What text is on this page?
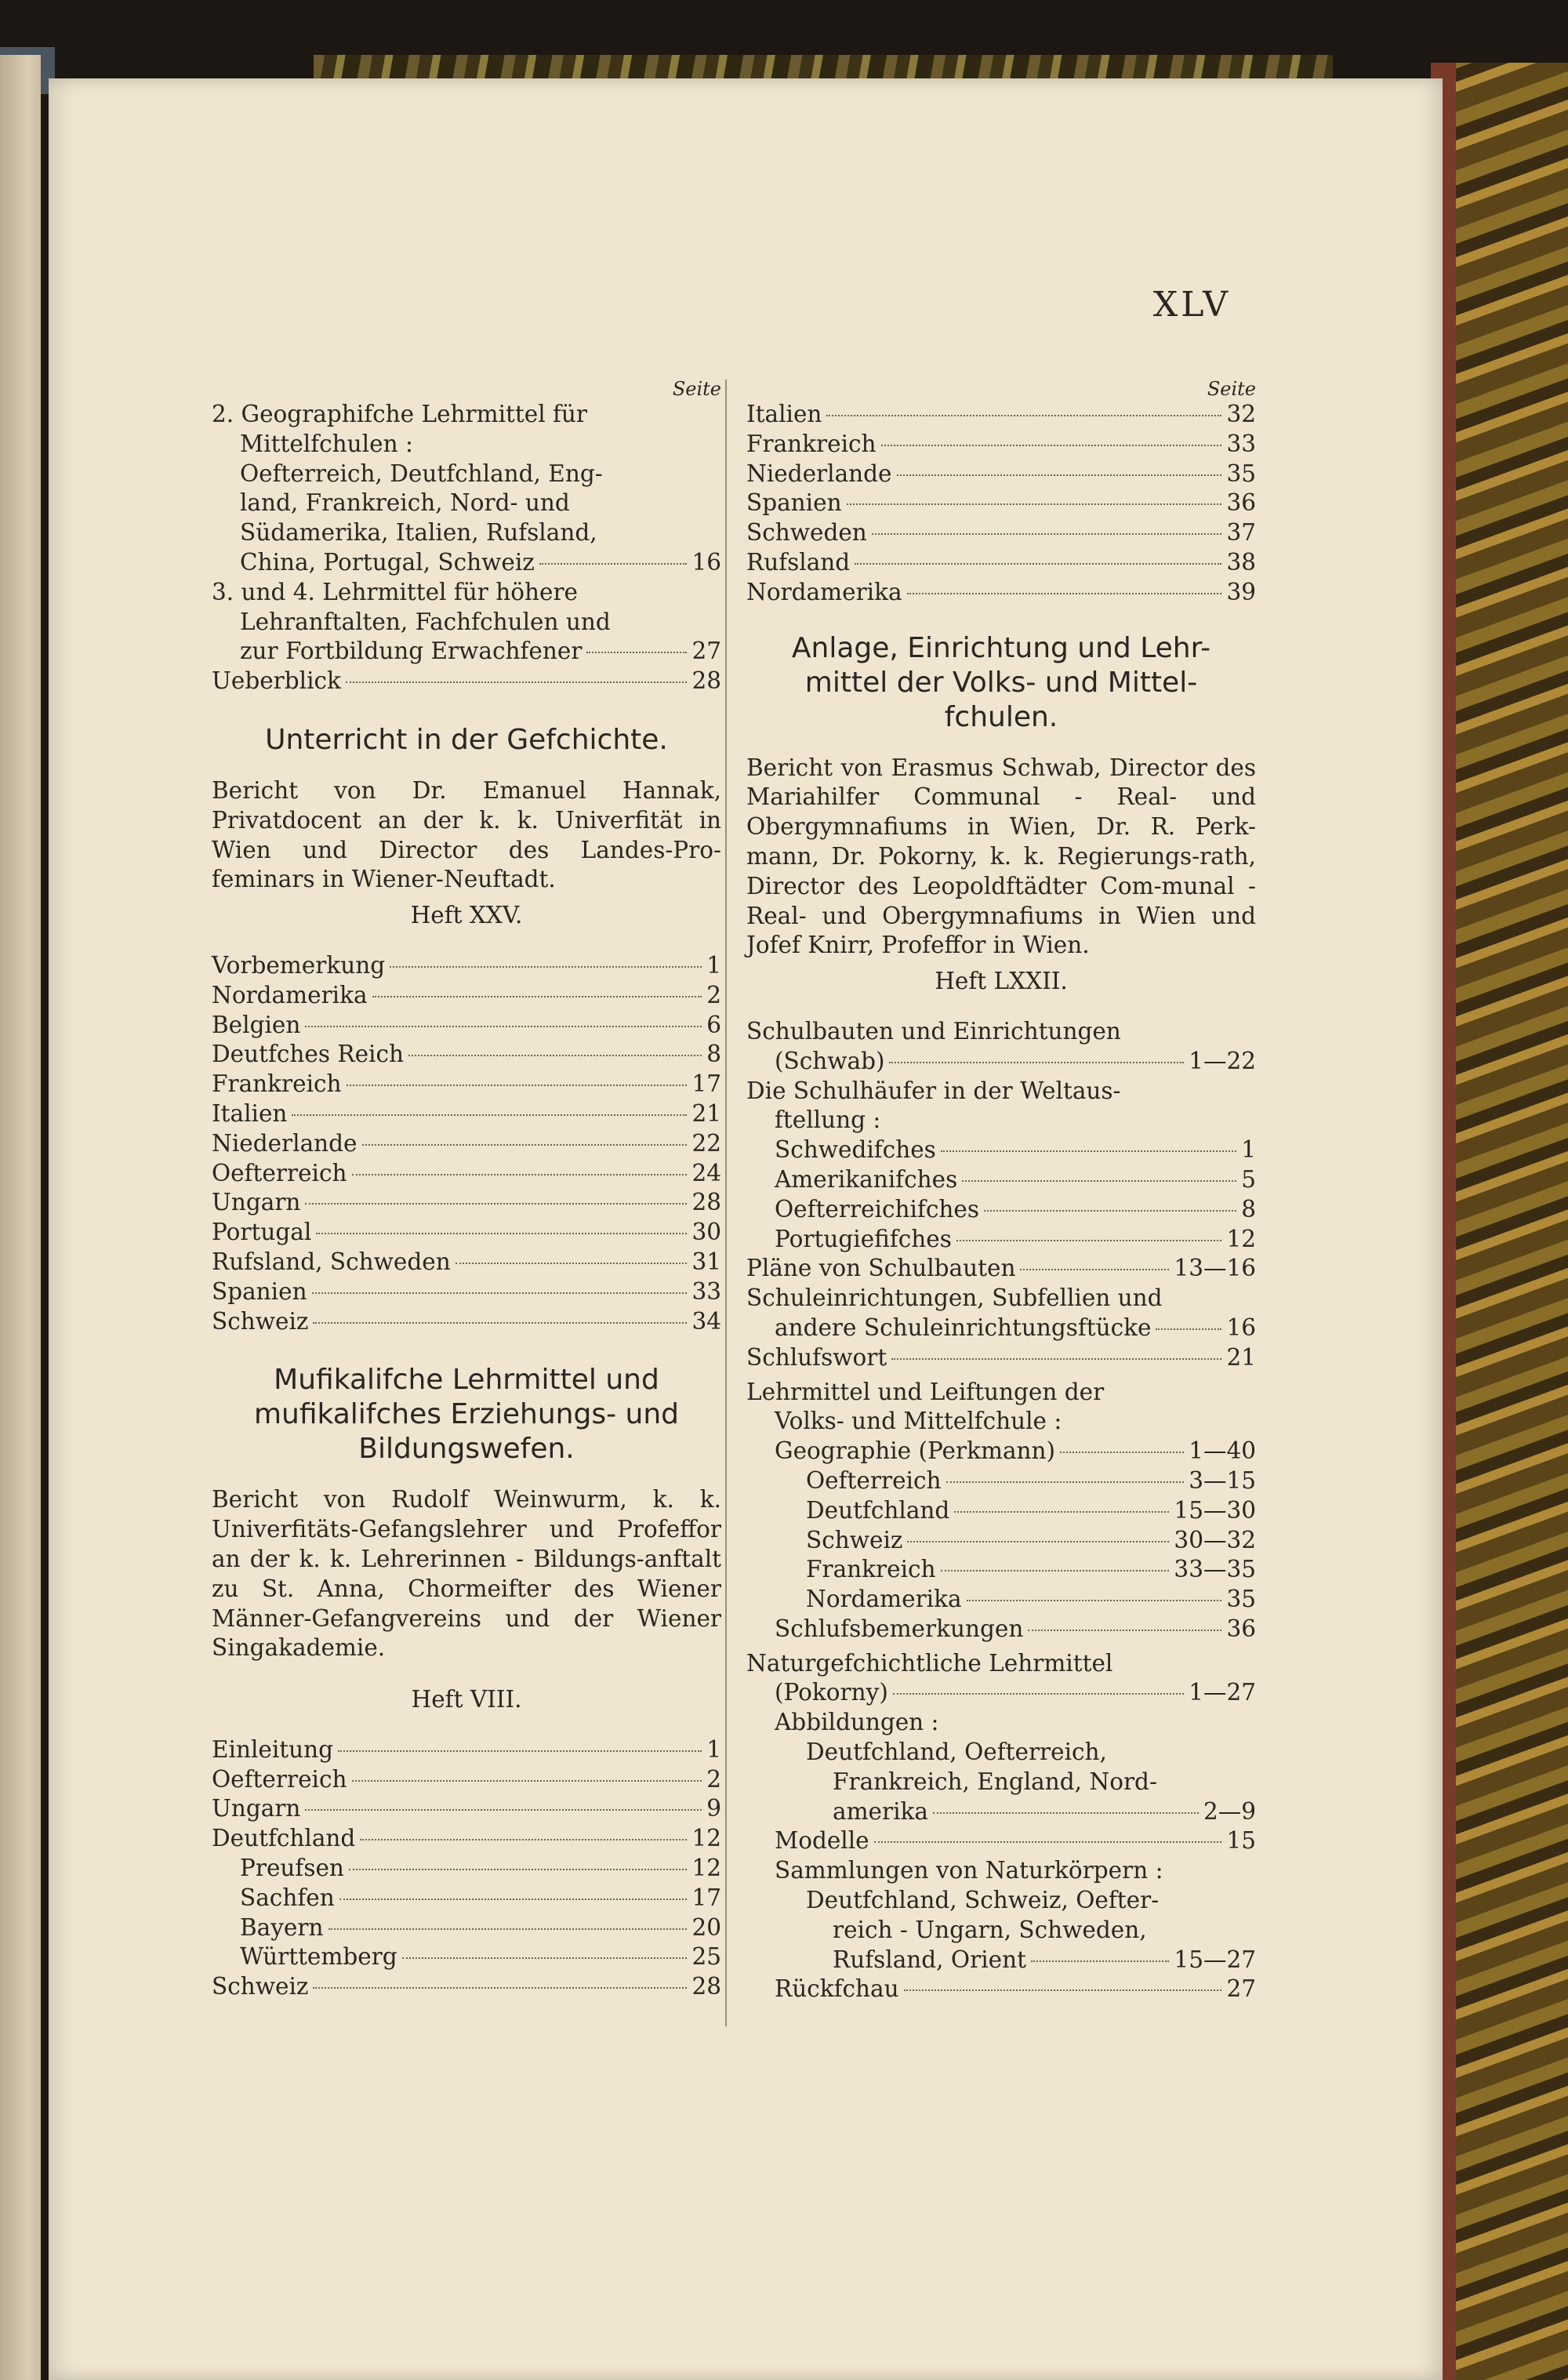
XLV
Seite
2. Geographifche Lehrmittel für
Mittelfchulen :
Oefterreich, Deutfchland, Eng-
land, Frankreich, Nord- und
Südamerika, Italien, Rufsland,
China, Portugal, Schweiz	16
3. und 4. Lehrmittel für höhere
Lehranftalten, Fachfchulen und
zur Fortbildung Erwachfener	27
Ueberblick	28
Unterricht in der Gefchichte.
Bericht von Dr. Emanuel Hannak, Privatdocent an der k. k. Univerfität in Wien und Director des Landes-Pro-feminars in Wiener-Neuftadt.
Heft XXV.
Vorbemerkung	1
Nordamerika	2
Belgien	6
Deutfches Reich	8
Frankreich	17
Italien	21
Niederlande	22
Oefterreich	24
Ungarn	28
Portugal	30
Rufsland, Schweden	31
Spanien	33
Schweiz	34
Mufikalifche Lehrmittel und
mufikalifches Erziehungs- und
Bildungswefen.
Bericht von Rudolf Weinwurm, k. k. Univerfitäts-Gefangslehrer und Profeffor an der k. k. Lehrerinnen - Bildungs-anftalt zu St. Anna, Chormeifter des Wiener Männer-Gefangvereins und der Wiener Singakademie.
Heft VIII.
Einleitung	1
Oefterreich	2
Ungarn	9
Deutfchland	12
Preufsen	12
Sachfen	17
Bayern	20
Württemberg	25
Schweiz	28
Seite
Italien	32
Frankreich	33
Niederlande	35
Spanien	36
Schweden	37
Rufsland	38
Nordamerika	39
Anlage, Einrichtung und Lehr-
mittel der Volks- und Mittel-
fchulen.
Bericht von Erasmus Schwab, Director des Mariahilfer Communal - Real- und Obergymnafiums in Wien, Dr. R. Perk-mann, Dr. Pokorny, k. k. Regierungs-rath, Director des Leopoldftädter Com-munal - Real- und Obergymnafiums in Wien und Jofef Knirr, Profeffor in Wien.
Heft LXXII.
Schulbauten und Einrichtungen
(Schwab)	1—22
Die Schulhäufer in der Weltaus-
ftellung :
Schwedifches	1
Amerikanifches	5
Oefterreichifches	8
Portugiefifches	12
Pläne von Schulbauten	13—16
Schuleinrichtungen, Subfellien und
andere Schuleinrichtungsftücke	16
Schlufswort	21
Lehrmittel und Leiftungen der
Volks- und Mittelfchule :
Geographie (Perkmann)	1—40
Oefterreich	3—15
Deutfchland	15—30
Schweiz	30—32
Frankreich	33—35
Nordamerika	35
Schlufsbemerkungen	36
Naturgefchichtliche Lehrmittel
(Pokorny)	1—27
Abbildungen :
Deutfchland, Oefterreich,
Frankreich, England, Nord-
amerika	2—9
Modelle	15
Sammlungen von Naturkörpern :
Deutfchland, Schweiz, Oefter-
reich - Ungarn, Schweden,
Rufsland, Orient	15—27
Rückfchau	27
